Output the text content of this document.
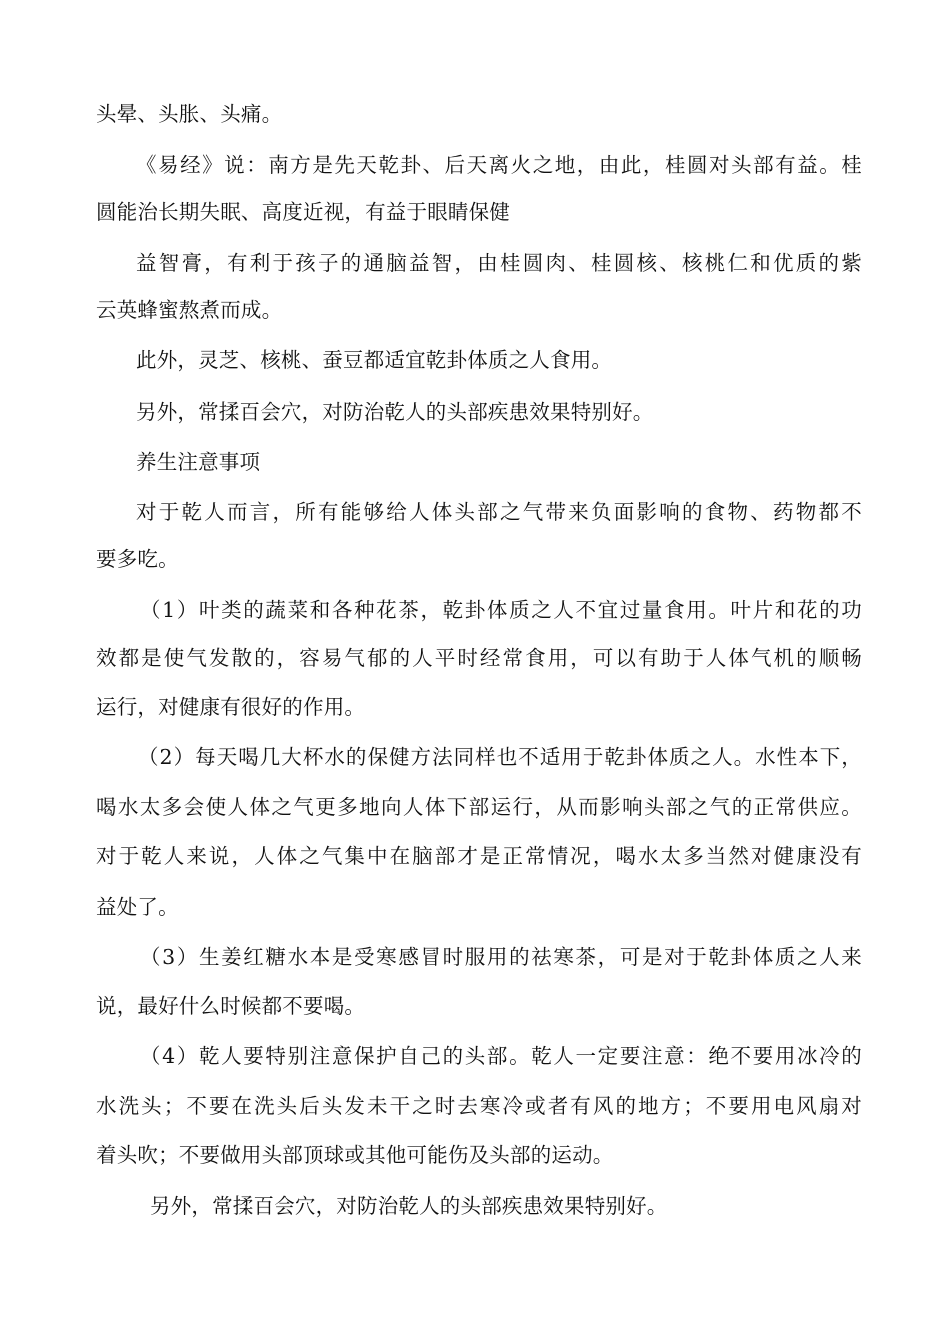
头晕、头胀、头痛。
《易经》说：南方是先天乾卦、后天离火之地，由此，桂圆对头部有益。桂
圆能治长期失眠、高度近视，有益于眼睛保健
益智膏，有利于孩子的通脑益智，由桂圆肉、桂圆核、核桃仁和优质的紫
云英蜂蜜熬煮而成。
此外，灵芝、核桃、蚕豆都适宜乾卦体质之人食用。
另外，常揉百会穴，对防治乾人的头部疾患效果特别好。
养生注意事项
对于乾人而言，所有能够给人体头部之气带来负面影响的食物、药物都不
要多吃。
（1）叶类的蔬菜和各种花茶，乾卦体质之人不宜过量食用。叶片和花的功
效都是使气发散的，容易气郁的人平时经常食用，可以有助于人体气机的顺畅
运行，对健康有很好的作用。
（2）每天喝几大杯水的保健方法同样也不适用于乾卦体质之人。水性本下，
喝水太多会使人体之气更多地向人体下部运行，从而影响头部之气的正常供应。
对于乾人来说，人体之气集中在脑部才是正常情况，喝水太多当然对健康没有
益处了。
（3）生姜红糖水本是受寒感冒时服用的祛寒茶，可是对于乾卦体质之人来
说，最好什么时候都不要喝。
（4）乾人要特别注意保护自己的头部。乾人一定要注意：绝不要用冰冷的
水洗头；不要在洗头后头发未干之时去寒冷或者有风的地方；不要用电风扇对
着头吹；不要做用头部顶球或其他可能伤及头部的运动。
另外，常揉百会穴，对防治乾人的头部疾患效果特别好。
